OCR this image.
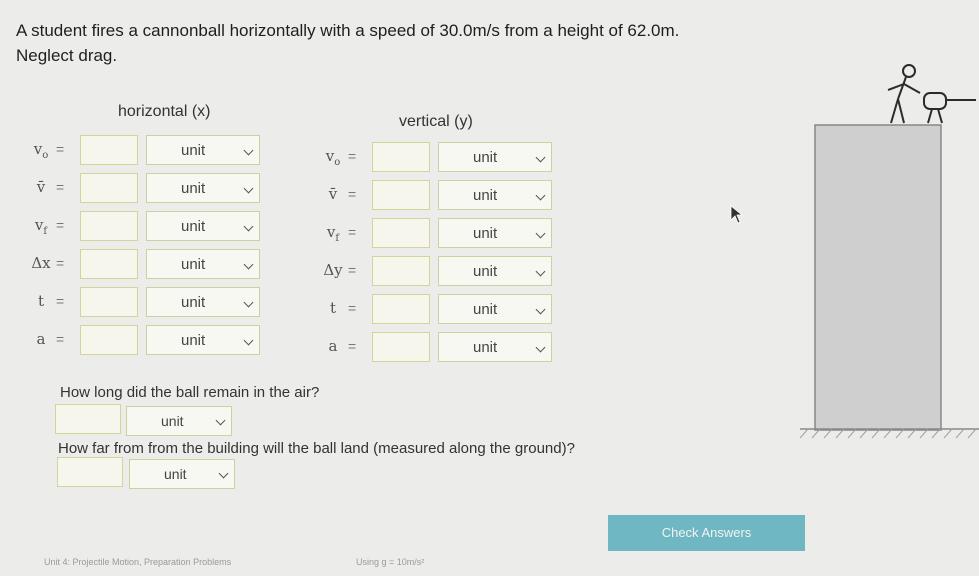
A student fires a cannonball horizontally with a speed of 30.0m/s from a height of 62.0m. Neglect drag.
horizontal (x)
vertical (y)
$v_o$ =	unit
v̄ =	unit
$v_f$ =	unit
Δx =	unit
t =	unit
a =	unit
$v_o$ =	unit
v̄ =	unit
$v_f$ =	unit
Δy =	unit
t =	unit
a =	unit
How long did the ball remain in the air?
unit
How far from from the building will the ball land (measured along the ground)?
unit
Check Answers
Unit 4: Projectile Motion, Preparation Problems	Using g = 10m/s²
